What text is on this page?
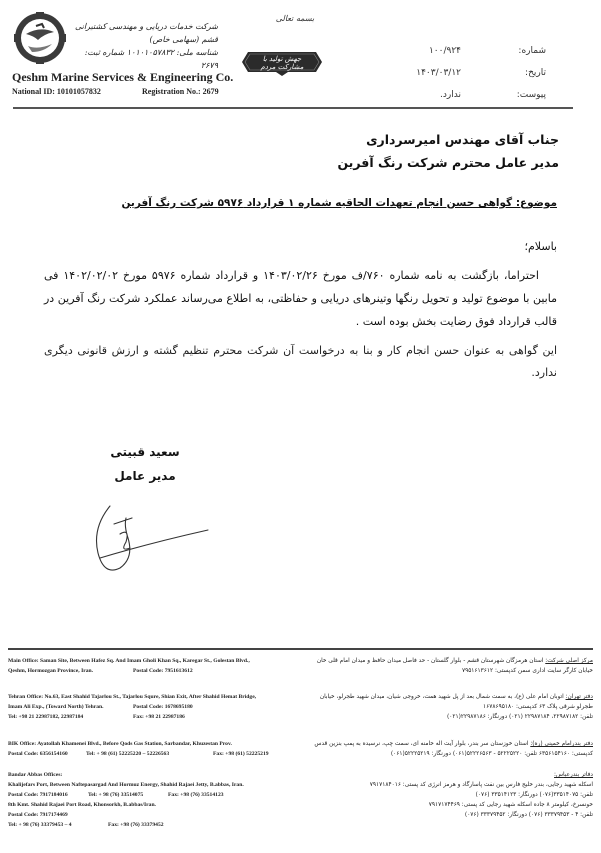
شرکت خدمات دریایی و مهندسی کشتیرانی قشم (سهامی خاص)
شناسه ملی: ۱۰۱۰۱۰۵۷۸۳۲ شماره ثبت: ۲۶۷۹
Qeshm Marine Services & Engineering Co.
National ID: 10101057832	Registration No.: 2679
بسمه تعالی
جهش تولید با مشارکت مردم
شماره:
۱۰۰/۹۲۴
تاریخ:
۱۴۰۳/۰۳/۱۲
پیوست:
ندارد.
جناب آقای مهندس امیرسرداری
مدیر عامل محترم شرکت رنگ آفرین
موضوع: گواهی حسن انجام تعهدات الحاقیه شماره ۱ قرارداد ۵۹۷۶ شرکت رنگ آفرین
باسلام؛
احتراما، بازگشت به نامه شماره ۷۶۰/ف مورخ ۱۴۰۳/۰۲/۲۶ و قرارداد شماره ۵۹۷۶ مورخ ۱۴۰۲/۰۲/۰۲ فی مابین با موضوع تولید و تحویل رنگها وتینرهای دریایی و حفاظتی، به اطلاع می‌رساند عملکرد شرکت رنگ آفرین در قالب قرارداد فوق رضایت بخش بوده است .
این گواهی به عنوان حسن انجام کار و بنا به درخواست آن شرکت محترم تنظیم گشته و ارزش قانونی دیگری ندارد.
سعید قبیتی
مدیر عامل
Main Office: Saman Site, Between Hafez Sq. And Imam Gholi Khan Sq., Karegar St., Golestan Blvd.,
Qeshm, Hormozgan Province, Iran.	Postal Code: 7951613612
Tehran Office: No.63, East Shahid Tajarlou St., Tajarlou Squre, Shian Exit, After Shahid Hemat Bridge,
Imam Ali Exp., (Toward North) Tehran.	Postal Code: 1678695180
Tel: +98 21 22987182, 22987184	Fax: +98 21 22987186
BIK Office: Ayatollah Khamenei Blvd., Before Qods Gas Station, Sarbandar, Khuzestan Prov.
Postal Code: 6356154160	Tel: + 98 (61) 52225220 – 52226563	Fax: +98 (61) 52225219
Bandar Abbas Offices:
Khalijefars Port, Between Naftepasargad And Hormuz Energy, Shahid Rajaei Jetty, B.abbas, Iran.
Postal Code: 7917184016	Tel: + 98 (76) 33514075	Fax: +98 (76) 33514123
8th Kmt. Shahid Rajaei Port Road, Khonsorkh, B.abbas/Iran.
Postal Code: 7917174469
Tel: + 98 (76) 33379453 – 4	Fax: +98 (76) 33379452
مرکز اصلی شرکت: استان هرمزگان شهرستان قشم - بلوار گلستان - حد فاصل میدان حافظ و میدان امام قلی خان
خیابان کارگر سایت اداری سمن کدپستی: ۷۹۵۱۶۱۳۶۱۲
دفتر تهران: اتوبان امام علی (ع)، به سمت شمال بعد از پل شهید همت، خروجی شیان، میدان شهید طجرلو، خیابان
طجرلو شرقی پلاک ۶۳ کدپستی: ۱۶۷۸۶۹۵۱۸۰
تلفن: ۲۲۹۸۷۱۸۲، ۲۲۹۸۷۱۸۴ (۰۲۱) دورنگار: ۲۲۹۸۷۱۸۶(۰۲۱)
دفتر بندرامام خمینی (ره): استان خوزستان سر بندر، بلوار آیت اله خامنه ای، سمت چپ، نرسیده به پمپ بنزین قدس
کدپستی: ۶۳۵۶۱۵۴۱۶۰ تلفن: ۵۲۲۲۵۲۲۰ - ۵۲۲۲۶۵۶۳(۰۶۱) دورنگار: ۵۲۲۲۵۲۱۹(۰۶۱)
دفاتر بندرعباس:
اسکله شهید رجایی، بندر خلیج فارس بین نفت پاسارگاد و هرمز انرژی کد پستی: ۷۹۱۷۱۸۴۰۱۶
تلفن: ۳۳۵۱۴۰۷۵(۰۷۶) دورنگار: ۳۳۵۱۴۱۲۳ (۰۷۶)
خونسرخ، کیلومتر ۸ جاده اسکله شهید رجایی کد پستی: ۷۹۱۷۱۷۴۴۶۹
تلفن: ۴ - ۳۳۳۷۹۴۵۳ (۰۷۶) دورنگار: ۳۳۳۷۹۴۵۲ (۰۷۶)
